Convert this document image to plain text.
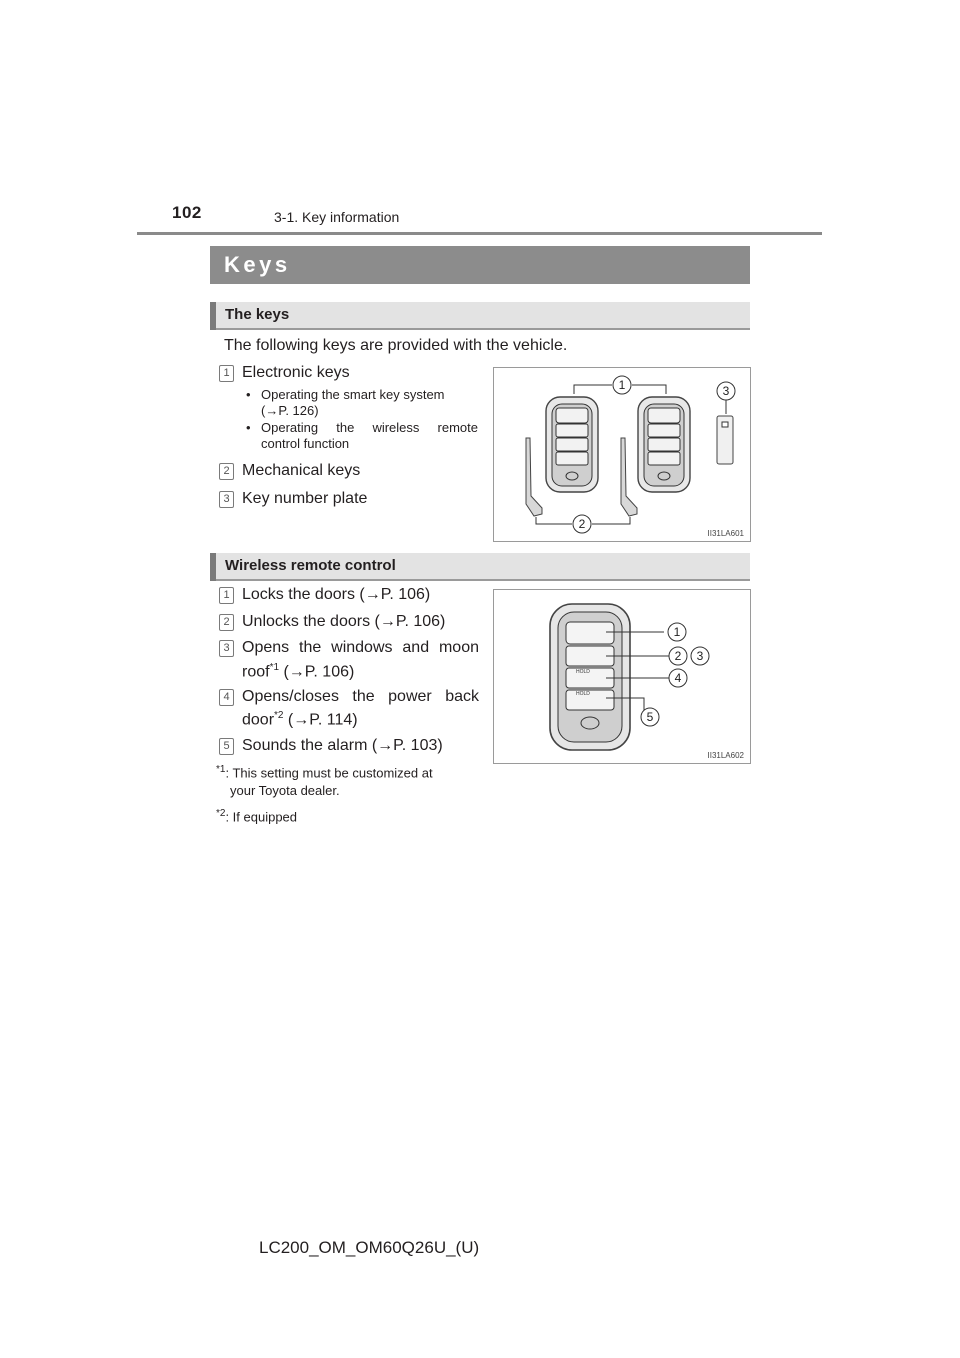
102	3-1. Key information
Keys
The keys
The following keys are provided with the vehicle.
1 Electronic keys
• Operating the smart key system
(→P. 126)
• Operating the wireless remote
control function
2 Mechanical keys
3 Key number plate
1	3
2
II31LA601
Wireless remote control
1 Locks the doors (→P. 106)
2 Unlocks the doors (→P. 106)
3 Opens the windows and moon
roof$^{*1}$ (→P. 106)
4 Opens/closes the power back
door$^{*2}$ (→P. 114)
5 Sounds the alarm (→P. 103)
$^{*1}$: This setting must be customized at
your Toyota dealer.
$^{*2}$: If equipped
HOLD
HOLD
1
2 3
4
5
II31LA602
LC200_OM_OM60Q26U_(U)
